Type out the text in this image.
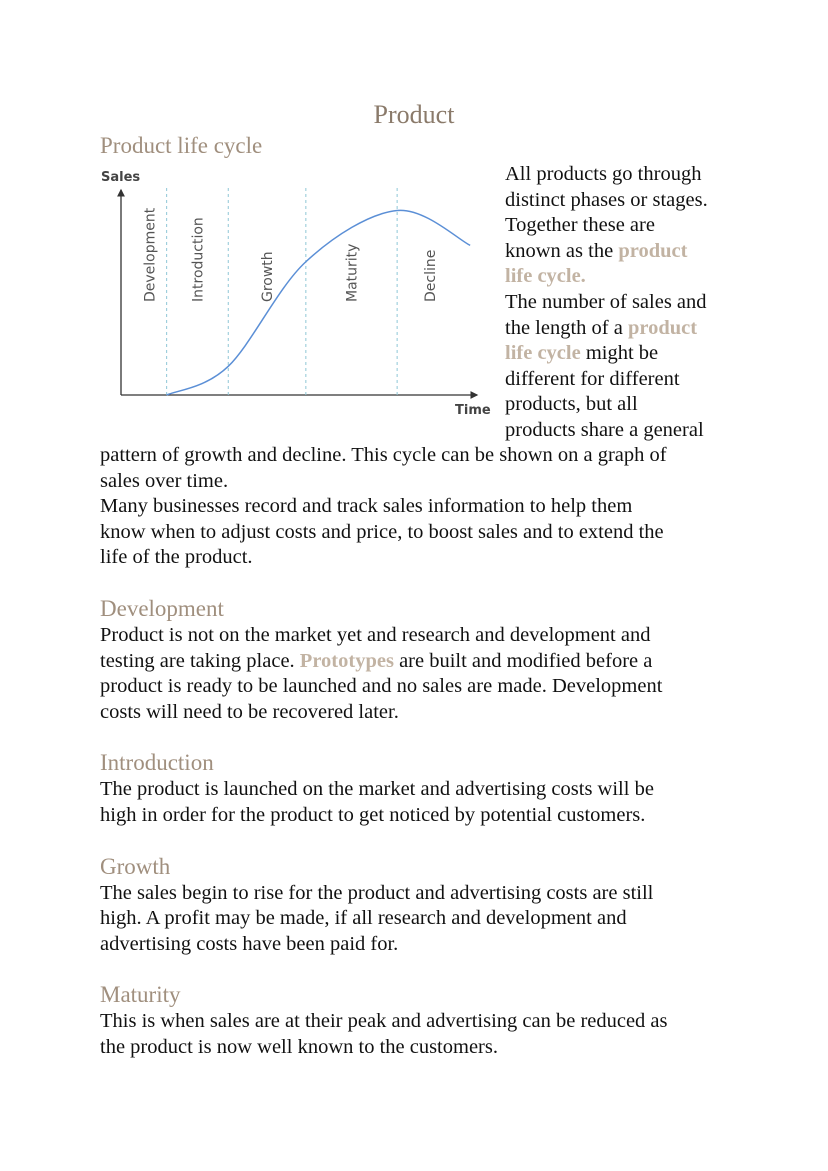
Product
Product life cycle
Sales
Time
Development Introduction	Growth	Maturity	Decline
All products go through
distinct phases or stages.
Together these are
known as the product
life cycle.
The number of sales and
the length of a product
life cycle might be
different for different
products, but all
products share a general
pattern of growth and decline. This cycle can be shown on a graph of
sales over time.
Many businesses record and track sales information to help them
know when to adjust costs and price, to boost sales and to extend the
life of the product.
Development
Product is not on the market yet and research and development and
testing are taking place. Prototypes are built and modified before a
product is ready to be launched and no sales are made. Development
costs will need to be recovered later.
Introduction
The product is launched on the market and advertising costs will be
high in order for the product to get noticed by potential customers.
Growth
The sales begin to rise for the product and advertising costs are still
high. A profit may be made, if all research and development and
advertising costs have been paid for.
Maturity
This is when sales are at their peak and advertising can be reduced as
the product is now well known to the customers.
